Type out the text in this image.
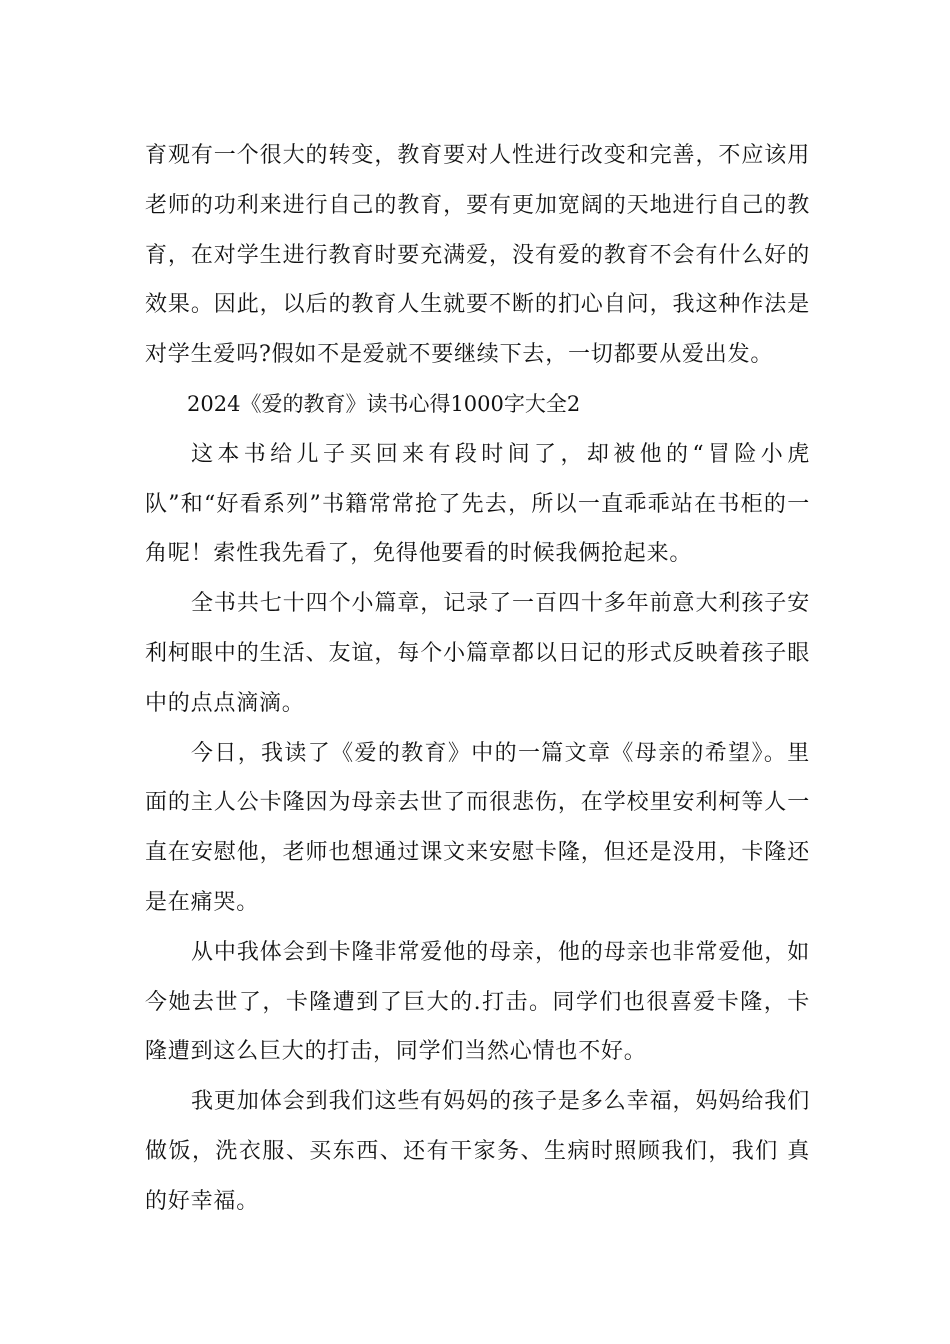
育观有一个很大的转变，教育要对人性进行改变和完善，不应该用老师的功利来进行自己的教育，要有更加宽阔的天地进行自己的教育，在对学生进行教育时要充满爱，没有爱的教育不会有什么好的效果。因此，以后的教育人生就要不断的扪心自问，我这种作法是对学生爱吗?假如不是爱就不要继续下去，一切都要从爱出发。

2024《爱的教育》读书心得1000字大全2

这本书给儿子买回来有段时间了，却被他的“冒险小虎队”和“好看系列”书籍常常抢了先去，所以一直乖乖站在书柜的一角呢！索性我先看了，免得他要看的时候我俩抢起来。

全书共七十四个小篇章，记录了一百四十多年前意大利孩子安利柯眼中的生活、友谊，每个小篇章都以日记的形式反映着孩子眼中的点点滴滴。

今日，我读了《爱的教育》中的一篇文章《母亲的希望》。里面的主人公卡隆因为母亲去世了而很悲伤，在学校里安利柯等人一直在安慰他，老师也想通过课文来安慰卡隆，但还是没用，卡隆还是在痛哭。

从中我体会到卡隆非常爱他的母亲，他的母亲也非常爱他，如今她去世了，卡隆遭到了巨大的.打击。同学们也很喜爱卡隆，卡隆遭到这么巨大的打击，同学们当然心情也不好。

我更加体会到我们这些有妈妈的孩子是多么幸福，妈妈给我们做饭，洗衣服、买东西、还有干家务、生病时照顾我们，我们 真的好幸福。
